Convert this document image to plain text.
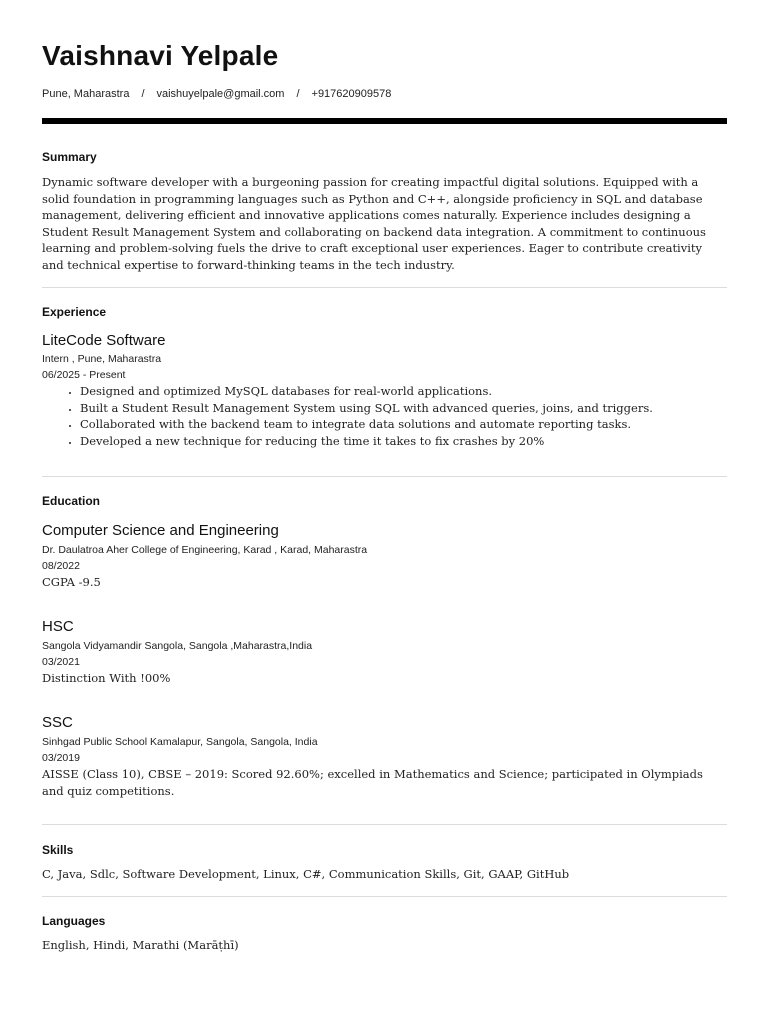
Vaishnavi Yelpale
Pune, Maharastra / vaishuyelpale@gmail.com / +917620909578
Summary
Dynamic software developer with a burgeoning passion for creating impactful digital solutions. Equipped with a solid foundation in programming languages such as Python and C++, alongside proficiency in SQL and database management, delivering efficient and innovative applications comes naturally. Experience includes designing a Student Result Management System and collaborating on backend data integration. A commitment to continuous learning and problem-solving fuels the drive to craft exceptional user experiences. Eager to contribute creativity and technical expertise to forward-thinking teams in the tech industry.
Experience
LiteCode Software
Intern , Pune, Maharastra
06/2025 - Present
• Designed and optimized MySQL databases for real-world applications.
• Built a Student Result Management System using SQL with advanced queries, joins, and triggers.
• Collaborated with the backend team to integrate data solutions and automate reporting tasks.
• Developed a new technique for reducing the time it takes to fix crashes by 20%
Education
Computer Science and Engineering
Dr. Daulatroa Aher College of Engineering, Karad , Karad, Maharastra
08/2022
CGPA -9.5
HSC
Sangola Vidyamandir Sangola, Sangola ,Maharastra,India
03/2021
Distinction With !00%
SSC
Sinhgad Public School Kamalapur, Sangola, Sangola, India
03/2019
AISSE (Class 10), CBSE – 2019: Scored 92.60%; excelled in Mathematics and Science; participated in Olympiads and quiz competitions.
Skills
C, Java, Sdlc, Software Development, Linux, C#, Communication Skills, Git, GAAP, GitHub
Languages
English, Hindi, Marathi (Marāṭhī)
